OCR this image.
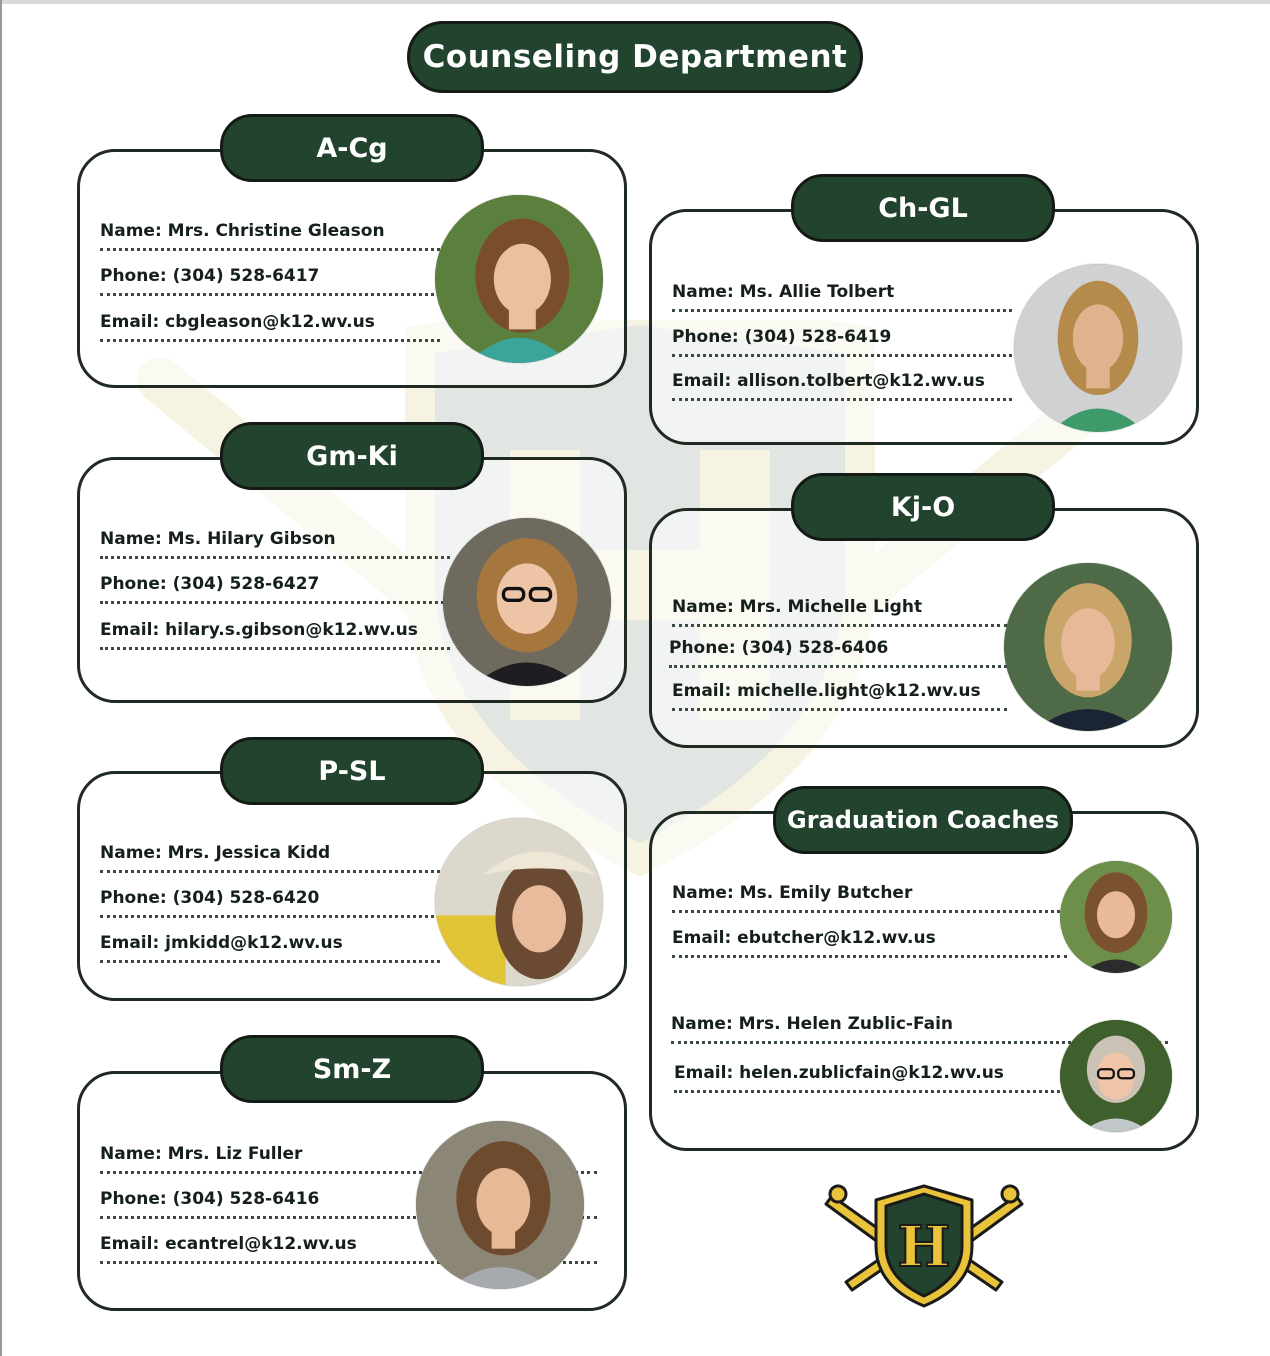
Counseling Department
A-Cg
Name: Mrs. Christine Gleason
Phone: (304) 528-6417
Email: cbgleason@k12.wv.us
Ch-GL
Name: Ms. Allie Tolbert
Phone: (304) 528-6419
Email: allison.tolbert@k12.wv.us
Gm-Ki
Name: Ms. Hilary Gibson
Phone: (304) 528-6427
Email: hilary.s.gibson@k12.wv.us
Kj-O
Name: Mrs. Michelle Light
Phone: (304) 528-6406
Email: michelle.light@k12.wv.us
P-SL
Name: Mrs. Jessica Kidd
Phone: (304) 528-6420
Email: jmkidd@k12.wv.us
Sm-Z
Name: Mrs. Liz Fuller
Phone: (304) 528-6416
Email: ecantrel@k12.wv.us
Graduation Coaches
Name: Ms. Emily Butcher
Email: ebutcher@k12.wv.us
Name: Mrs. Helen Zublic-Fain
Email: helen.zublicfain@k12.wv.us
H
